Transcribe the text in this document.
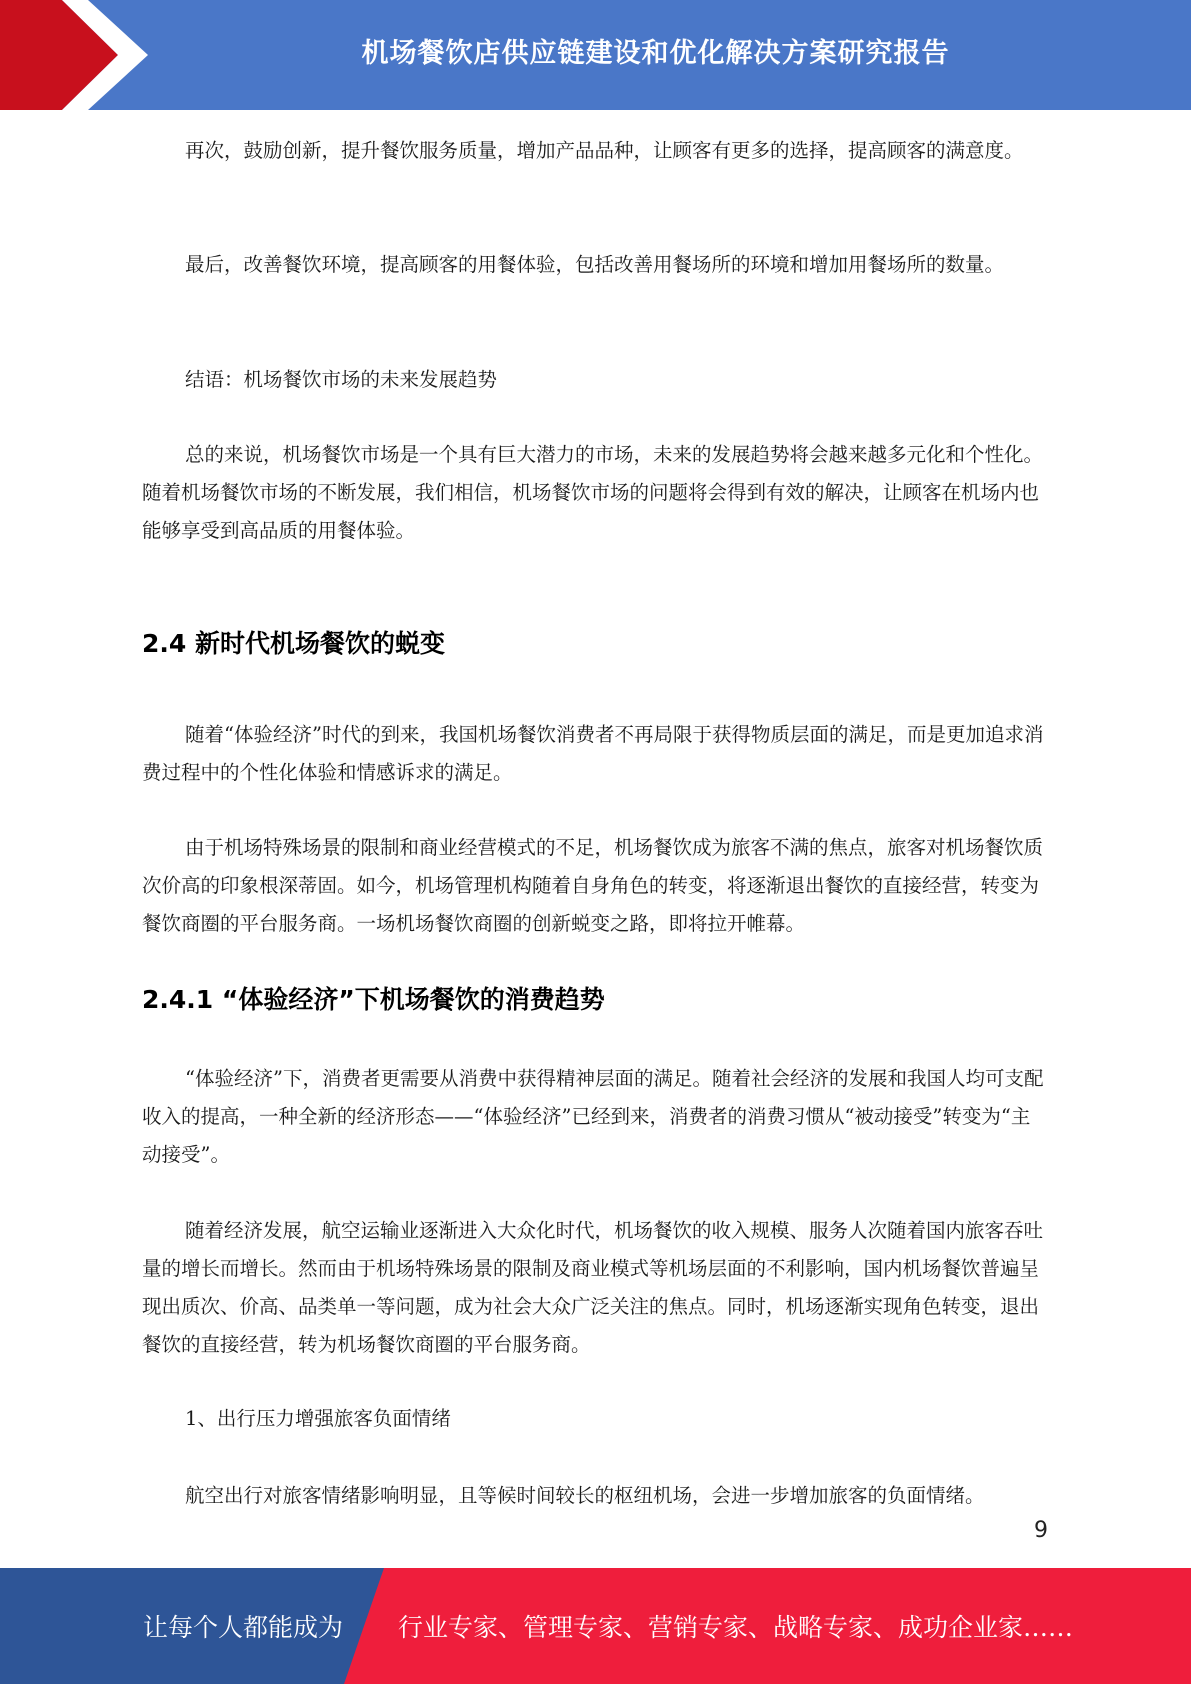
机场餐饮店供应链建设和优化解决方案研究报告

再次，鼓励创新，提升餐饮服务质量，增加产品品种，让顾客有更多的选择，提高顾客的满意度。

最后，改善餐饮环境，提高顾客的用餐体验，包括改善用餐场所的环境和增加用餐场所的数量。

结语：机场餐饮市场的未来发展趋势

总的来说，机场餐饮市场是一个具有巨大潜力的市场，未来的发展趋势将会越来越多元化和个性化。随着机场餐饮市场的不断发展，我们相信，机场餐饮市场的问题将会得到有效的解决，让顾客在机场内也能够享受到高品质的用餐体验。

2.4 新时代机场餐饮的蜕变

随着“体验经济”时代的到来，我国机场餐饮消费者不再局限于获得物质层面的满足，而是更加追求消费过程中的个性化体验和情感诉求的满足。

由于机场特殊场景的限制和商业经营模式的不足，机场餐饮成为旅客不满的焦点，旅客对机场餐饮质次价高的印象根深蒂固。如今，机场管理机构随着自身角色的转变，将逐渐退出餐饮的直接经营，转变为餐饮商圈的平台服务商。一场机场餐饮商圈的创新蜕变之路，即将拉开帷幕。

2.4.1 “体验经济”下机场餐饮的消费趋势

“体验经济”下，消费者更需要从消费中获得精神层面的满足。随着社会经济的发展和我国人均可支配收入的提高，一种全新的经济形态——“体验经济”已经到来，消费者的消费习惯从“被动接受”转变为“主动接受”。

随着经济发展，航空运输业逐渐进入大众化时代，机场餐饮的收入规模、服务人次随着国内旅客吞吐量的增长而增长。然而由于机场特殊场景的限制及商业模式等机场层面的不利影响，国内机场餐饮普遍呈现出质次、价高、品类单一等问题，成为社会大众广泛关注的焦点。同时，机场逐渐实现角色转变，退出餐饮的直接经营，转为机场餐饮商圈的平台服务商。

1、出行压力增强旅客负面情绪

航空出行对旅客情绪影响明显，且等候时间较长的枢纽机场，会进一步增加旅客的负面情绪。

9
让每个人都能成为 行业专家、管理专家、营销专家、战略专家、成功企业家……
